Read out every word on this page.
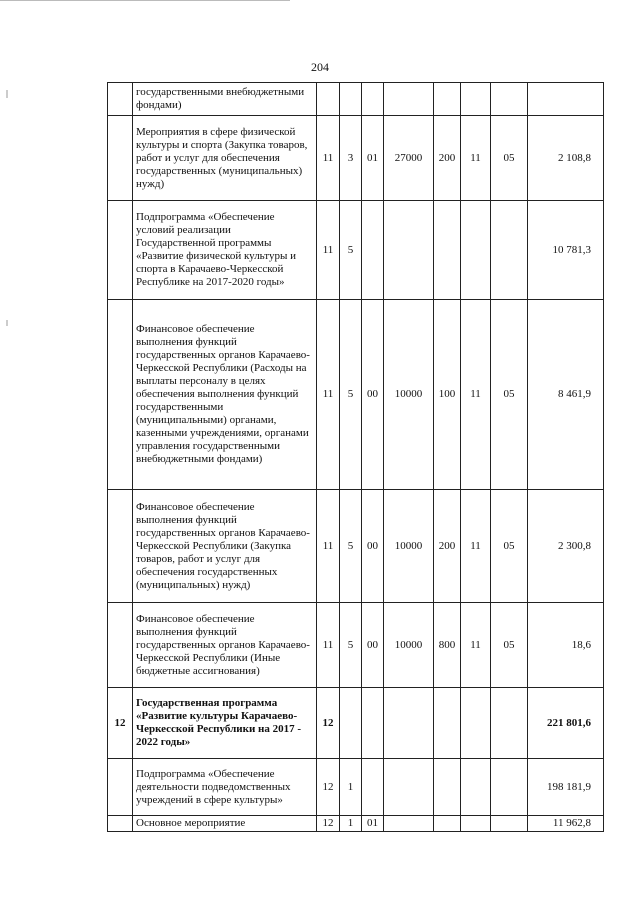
204
	государственными внебюджетными фондами)								
	Мероприятия в сфере физической культуры и спорта (Закупка товаров, работ и услуг для обеспечения государственных (муниципальных) нужд)	11	3	01	27000	200	11	05	2 108,8
	Подпрограмма «Обеспечение условий реализации Государственной программы «Развитие физической культуры и спорта в Карачаево-Черкесской Республике на 2017-2020 годы»	11	5						10 781,3
	Финансовое обеспечение выполнения функций государственных органов Карачаево-Черкесской Республики (Расходы на выплаты персоналу в целях обеспечения выполнения функций государственными (муниципальными) органами, казенными учреждениями, органами управления государственными внебюджетными фондами)	11	5	00	10000	100	11	05	8 461,9
	Финансовое обеспечение выполнения функций государственных органов Карачаево-Черкесской Республики (Закупка товаров, работ и услуг для обеспечения государственных (муниципальных) нужд)	11	5	00	10000	200	11	05	2 300,8
	Финансовое обеспечение выполнения функций государственных органов Карачаево-Черкесской Республики (Иные бюджетные ассигнования)	11	5	00	10000	800	11	05	18,6
12	Государственная программа «Развитие культуры Карачаево-Черкесской Республики на 2017 - 2022 годы»	12							221 801,6
	Подпрограмма «Обеспечение деятельности подведомственных учреждений в сфере культуры»	12	1						198 181,9
	Основное мероприятие	12	1	01					11 962,8
